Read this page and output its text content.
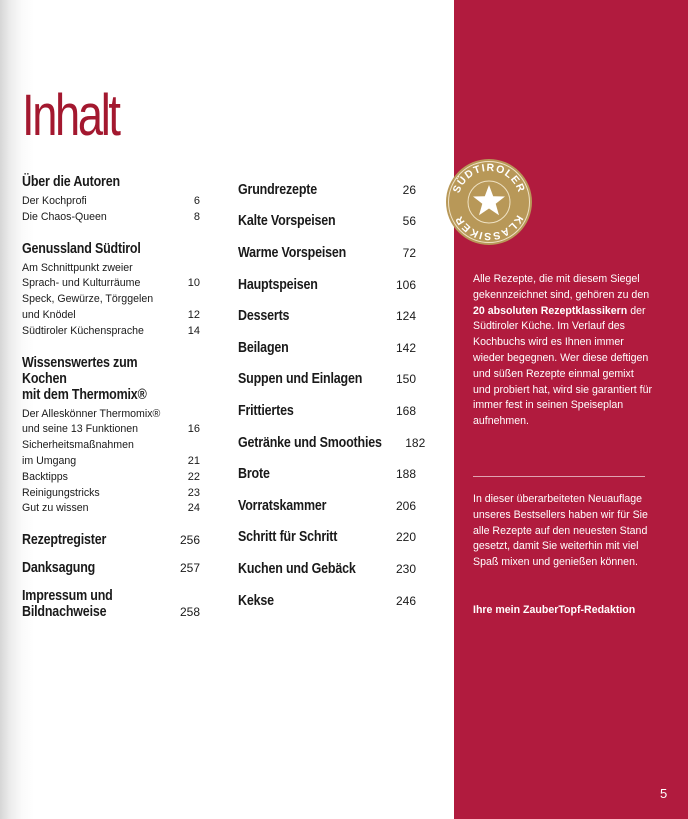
Inhalt
Über die Autoren
Der Kochprofi	6
Die Chaos-Queen	8
Genussland Südtirol
Am Schnittpunkt zweier
Sprach- und Kulturräume	10
Speck, Gewürze, Törggelen
und Knödel	12
Südtiroler Küchensprache	14
Wissenswertes zum Kochen
mit dem Thermomix®
Der Alleskönner Thermomix®
und seine 13 Funktionen	16
Sicherheitsmaßnahmen
im Umgang	21
Backtipps	22
Reinigungstricks	23
Gut zu wissen	24
Rezeptregister	256
Danksagung	257
Impressum und
Bildnachweise	258
Grundrezepte	26
Kalte Vorspeisen	56
Warme Vorspeisen	72
Hauptspeisen	106
Desserts	124
Beilagen	142
Suppen und Einlagen	150
Frittiertes	168
Getränke und Smoothies 182
Brote	188
Vorratskammer	206
Schritt für Schritt	220
Kuchen und Gebäck	230
Kekse	246
SÜDTIROLER
KLASSIKER
Alle Rezepte, die mit diesem Siegel gekennzeichnet sind, gehören zu den 20 absoluten Rezeptklassikern der Südtiroler Küche. Im Verlauf des Kochbuchs wird es Ihnen immer wieder begegnen. Wer diese deftigen und süßen Rezepte einmal gemixt und probiert hat, wird sie garantiert für immer fest in seinen Speiseplan aufnehmen.
In dieser überarbeiteten Neuauflage unseres Bestsellers haben wir für Sie alle Rezepte auf den neuesten Stand gesetzt, damit Sie weiterhin mit viel Spaß mixen und genießen können.
Ihre mein ZauberTopf-Redaktion
5
